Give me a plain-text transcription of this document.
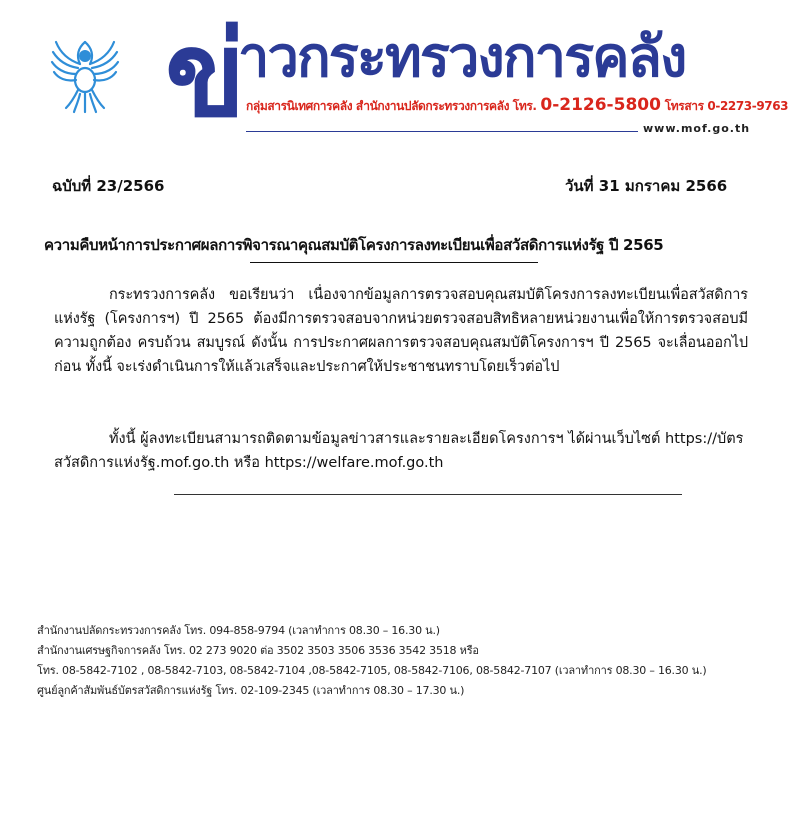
ข่
าวกระทรวงการคลัง
กลุ่มสารนิเทศการคลัง สำนักงานปลัดกระทรวงการคลัง โทร. 0-2126-5800 โทรสาร 0-2273-9763
www.mof.go.th
ฉบับที่ 23/2566	วันที่ 31 มกราคม 2566
ความคืบหน้าการประกาศผลการพิจารณาคุณสมบัติโครงการลงทะเบียนเพื่อสวัสดิการแห่งรัฐ ปี 2565

กระทรวงการคลัง ขอเรียนว่า เนื่องจากข้อมูลการตรวจสอบคุณสมบัติโครงการลงทะเบียนเพื่อสวัสดิการแห่งรัฐ (โครงการฯ) ปี 2565 ต้องมีการตรวจสอบจากหน่วยตรวจสอบสิทธิหลายหน่วยงานเพื่อให้การตรวจสอบมีความถูกต้อง ครบถ้วน สมบูรณ์ ดังนั้น การประกาศผลการตรวจสอบคุณสมบัติโครงการฯ ปี 2565 จะเลื่อนออกไปก่อน ทั้งนี้ จะเร่งดำเนินการให้แล้วเสร็จและประกาศให้ประชาชนทราบโดยเร็วต่อไป

ทั้งนี้ ผู้ลงทะเบียนสามารถติดตามข้อมูลข่าวสารและรายละเอียดโครงการฯ ได้ผ่านเว็บไซต์ https://บัตรสวัสดิการแห่งรัฐ.mof.go.th หรือ https://welfare.mof.go.th

สำนักงานปลัดกระทรวงการคลัง โทร. 094-858-9794 (เวลาทำการ 08.30 – 16.30 น.)
สำนักงานเศรษฐกิจการคลัง โทร. 02 273 9020 ต่อ 3502 3503 3506 3536 3542 3518 หรือ
โทร. 08-5842-7102 , 08-5842-7103, 08-5842-7104 ,08-5842-7105, 08-5842-7106, 08-5842-7107 (เวลาทำการ 08.30 – 16.30 น.)
ศูนย์ลูกค้าสัมพันธ์บัตรสวัสดิการแห่งรัฐ โทร. 02-109-2345 (เวลาทำการ 08.30 – 17.30 น.)
